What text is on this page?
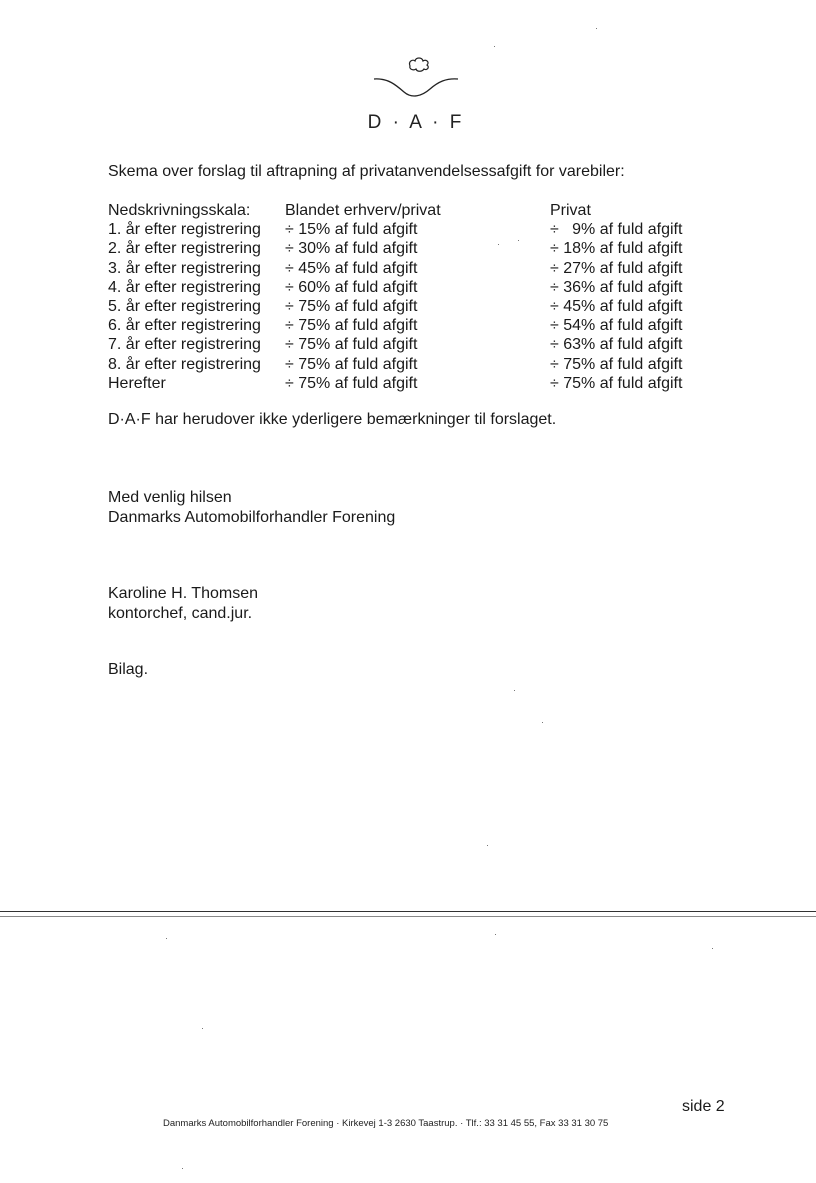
D · A · F
Skema over forslag til aftrapning af privatanvendelsessafgift for varebiler:
Nedskrivningsskala: Blandet erhverv/privat	Privat
1. år efter registrering ÷ 15% af fuld afgift	÷   9% af fuld afgift
2. år efter registrering ÷ 30% af fuld afgift	÷ 18% af fuld afgift
3. år efter registrering ÷ 45% af fuld afgift	÷ 27% af fuld afgift
4. år efter registrering ÷ 60% af fuld afgift	÷ 36% af fuld afgift
5. år efter registrering ÷ 75% af fuld afgift	÷ 45% af fuld afgift
6. år efter registrering ÷ 75% af fuld afgift	÷ 54% af fuld afgift
7. år efter registrering ÷ 75% af fuld afgift	÷ 63% af fuld afgift
8. år efter registrering ÷ 75% af fuld afgift	÷ 75% af fuld afgift
Herefter	÷ 75% af fuld afgift	÷ 75% af fuld afgift
D·A·F har herudover ikke yderligere bemærkninger til forslaget.
Med venlig hilsen
Danmarks Automobilforhandler Forening
Karoline H. Thomsen
kontorchef, cand.jur.
Bilag.
side 2
Danmarks Automobilforhandler Forening · Kirkevej 1-3 2630 Taastrup. · Tlf.: 33 31 45 55, Fax 33 31 30 75
